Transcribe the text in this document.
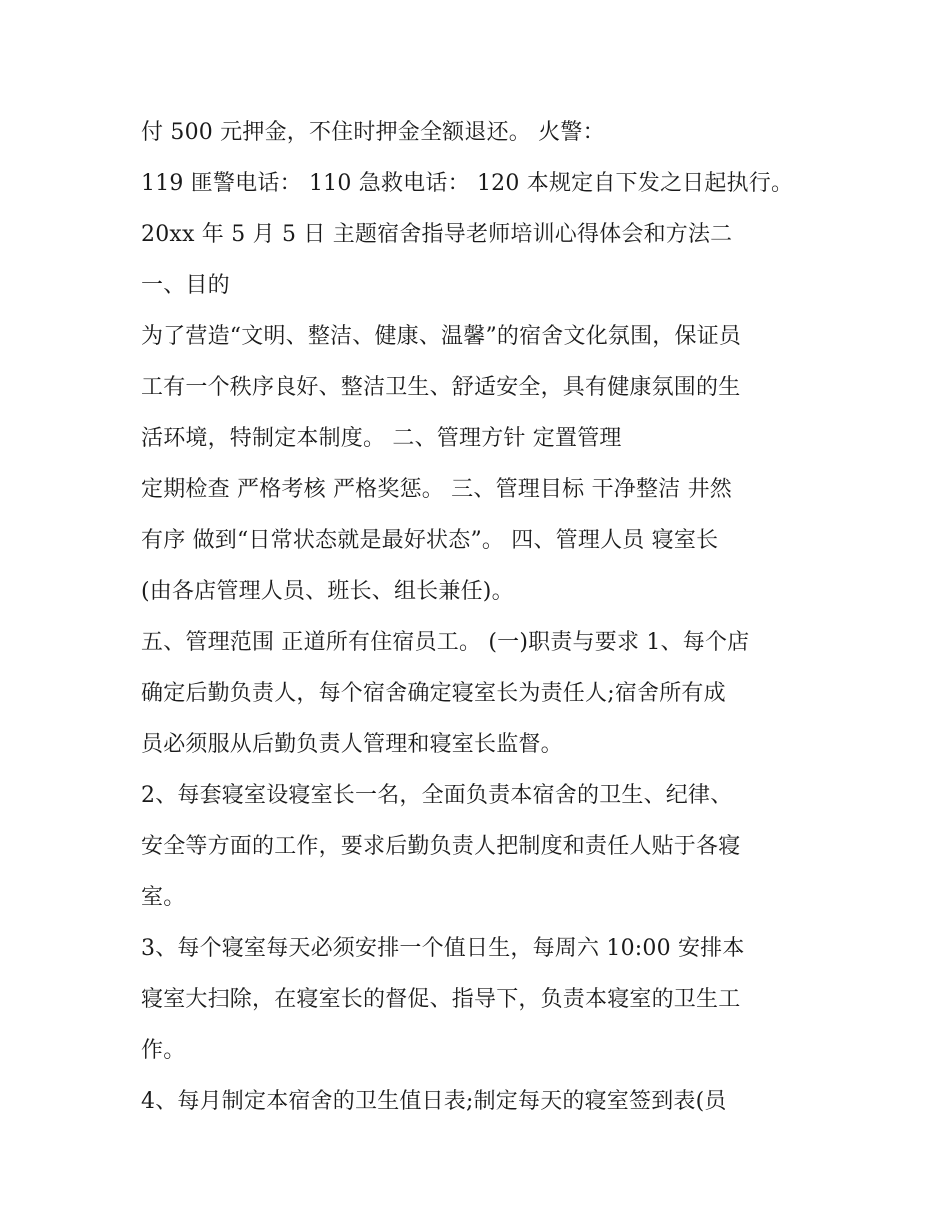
付 500 元押金，不住时押金全额退还。 火警：
119 匪警电话： 110 急救电话： 120 本规定自下发之日起执行。
20xx 年 5 月 5 日 主题宿舍指导老师培训心得体会和方法二
一、目的
为了营造“文明、整洁、健康、温馨”的宿舍文化氛围，保证员
工有一个秩序良好、整洁卫生、舒适安全，具有健康氛围的生
活环境，特制定本制度。 二、管理方针 定置管理
定期检查 严格考核 严格奖惩。 三、管理目标 干净整洁 井然
有序 做到“日常状态就是最好状态”。 四、管理人员 寝室长
(由各店管理人员、班长、组长兼任)。
五、管理范围 正道所有住宿员工。 (一)职责与要求 1、每个店
确定后勤负责人，每个宿舍确定寝室长为责任人;宿舍所有成
员必须服从后勤负责人管理和寝室长监督。
2、每套寝室设寝室长一名，全面负责本宿舍的卫生、纪律、
安全等方面的工作，要求后勤负责人把制度和责任人贴于各寝
室。
3、每个寝室每天必须安排一个值日生，每周六 10:00 安排本
寝室大扫除，在寝室长的督促、指导下，负责本寝室的卫生工
作。
4、每月制定本宿舍的卫生值日表;制定每天的寝室签到表(员
